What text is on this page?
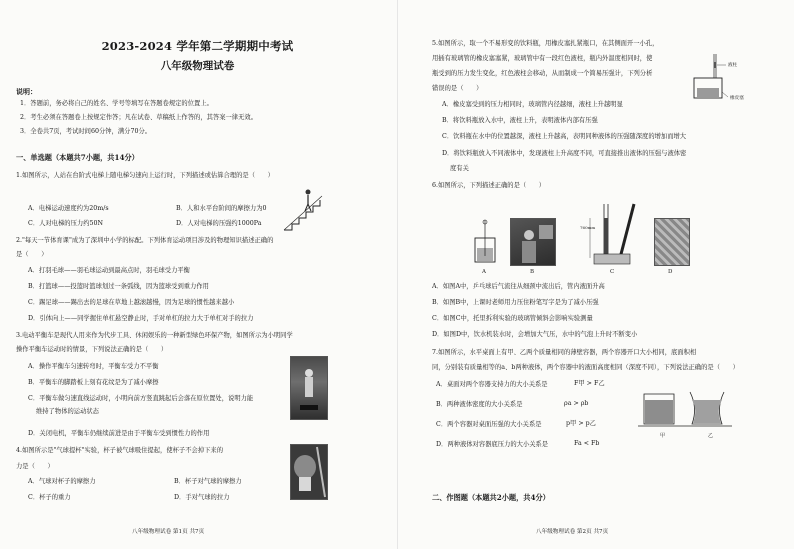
2023-2024 学年第二学期期中考试
八年级物理试卷
说明：
1．答题前，务必将自己的姓名、学号等填写在答题卷规定的位置上。
2．考生必须在答题卷上按规定作答；凡在试卷、草稿纸上作答的，其答案一律无效。
3．全卷共7页，考试时间60分钟，满分70分。
一、单选题（本题共7小题，共14分）
1.如图所示，人站在台阶式电梯上随电梯匀速向上运行时，下列描述或估算合理的是（　　）
A．电梯运动速度约为20m/s	B．人和水平台阶间的摩擦力为0
C．人对电梯的压力约50N	D．人对电梯的压强约1000Pa
2."每天一节体育课"成为了深圳中小学的标配。下列体育运动项目涉及的物理知识描述正确的
是（　　）
A．打羽毛球——羽毛球运动到最高点时，羽毛球受力平衡
B．打篮球——投篮时篮球划过一条弧线，因为篮球受到重力作用
C．踢足球——踢出去的足球在草地上越滚越慢，因为足球的惯性越来越小
D．引体向上——同学握住单杠悬空静止时，手对单杠的拉力大于单杠对手的拉力
3.电动平衡车是现代人用来作为代步工具、休闲娱乐的一种新型绿色环保产物，如图所示为小明同学
操作平衡车运动时的情景，下列说法正确的是（　　）
A．操作平衡车匀速转弯时，平衡车受力不平衡
B．平衡车的脚踏板上刻有花纹是为了减小摩擦
C．平衡车做匀速直线运动时，小明向前方竖直跳起后会落在原位置处，说明力能
维持了物体的运动状态
D．关闭电机，平衡车仍继续前进是由于平衡车受到惯性力的作用
4.如图所示是"气球提杯"实验，杯子被气球吸住提起，使杯子不会掉下来的
力是（　　）
A．气球对杯子的摩擦力	B．杯子对气球的摩擦力
C．杯子的重力	D．手对气球的拉力
八年级物理试卷 第1页 共7页
5.如图所示，取一个不易形变的饮料瓶，用橡皮塞扎紧瓶口，在其侧面开一小孔，
用插有玻璃管的橡皮塞塞紧，玻璃管中有一段红色液柱，瓶内外温度相同时，使
瓶受到的压力发生变化，红色液柱会移动，从而制成一个简易压强计，下列分析
错误的是（　　）
液柱
橡皮塞
A．橡皮塞受到的压力相同时，玻璃管内径越细，液柱上升越明显
B．将饮料瓶放入水中，液柱上升，表明液体内部有压强
C．饮料瓶在水中的位置越深，液柱上升越高，表明同种液体的压强随深度的增加而增大
D．将饮料瓶放入不同液体中，发现液柱上升高度不同，可直接推出液体的压强与液体密
度有关
6.如图所示，下列描述正确的是（　　）
760mm
A	B	C	D
A．如图A中，乒乓球后气流往从细颈中流出后，管内液面升高
B．如图B中，上课时老师用力压住粉笔写字是为了减小压强
C．如图C中，托里拆利实验的玻璃管倾斜会影响实验测量
D．如图D中，饮水机装水时，会增加大气压，水中的气泡上升时不断变小
7.如图所示，水平桌面上有甲、乙两个质量相同的薄壁容器，两个容器开口大小相同，底面积相
同，分别装有质量相等的a、b两种液体，两个容器中的液面高度相同（深度不同），下列说法正确的是（　　）
A．桌面对两个容器支持力的大小关系是	F甲 > F乙
B．两种液体密度的大小关系是	ρa > ρb
C．两个容器对桌面压强的大小关系是	p甲 > p乙
D．两种液体对容器底压力的大小关系是	Fa < Fb
甲	乙
二、作图题（本题共2小题，共4分）
八年级物理试卷 第2页 共7页
